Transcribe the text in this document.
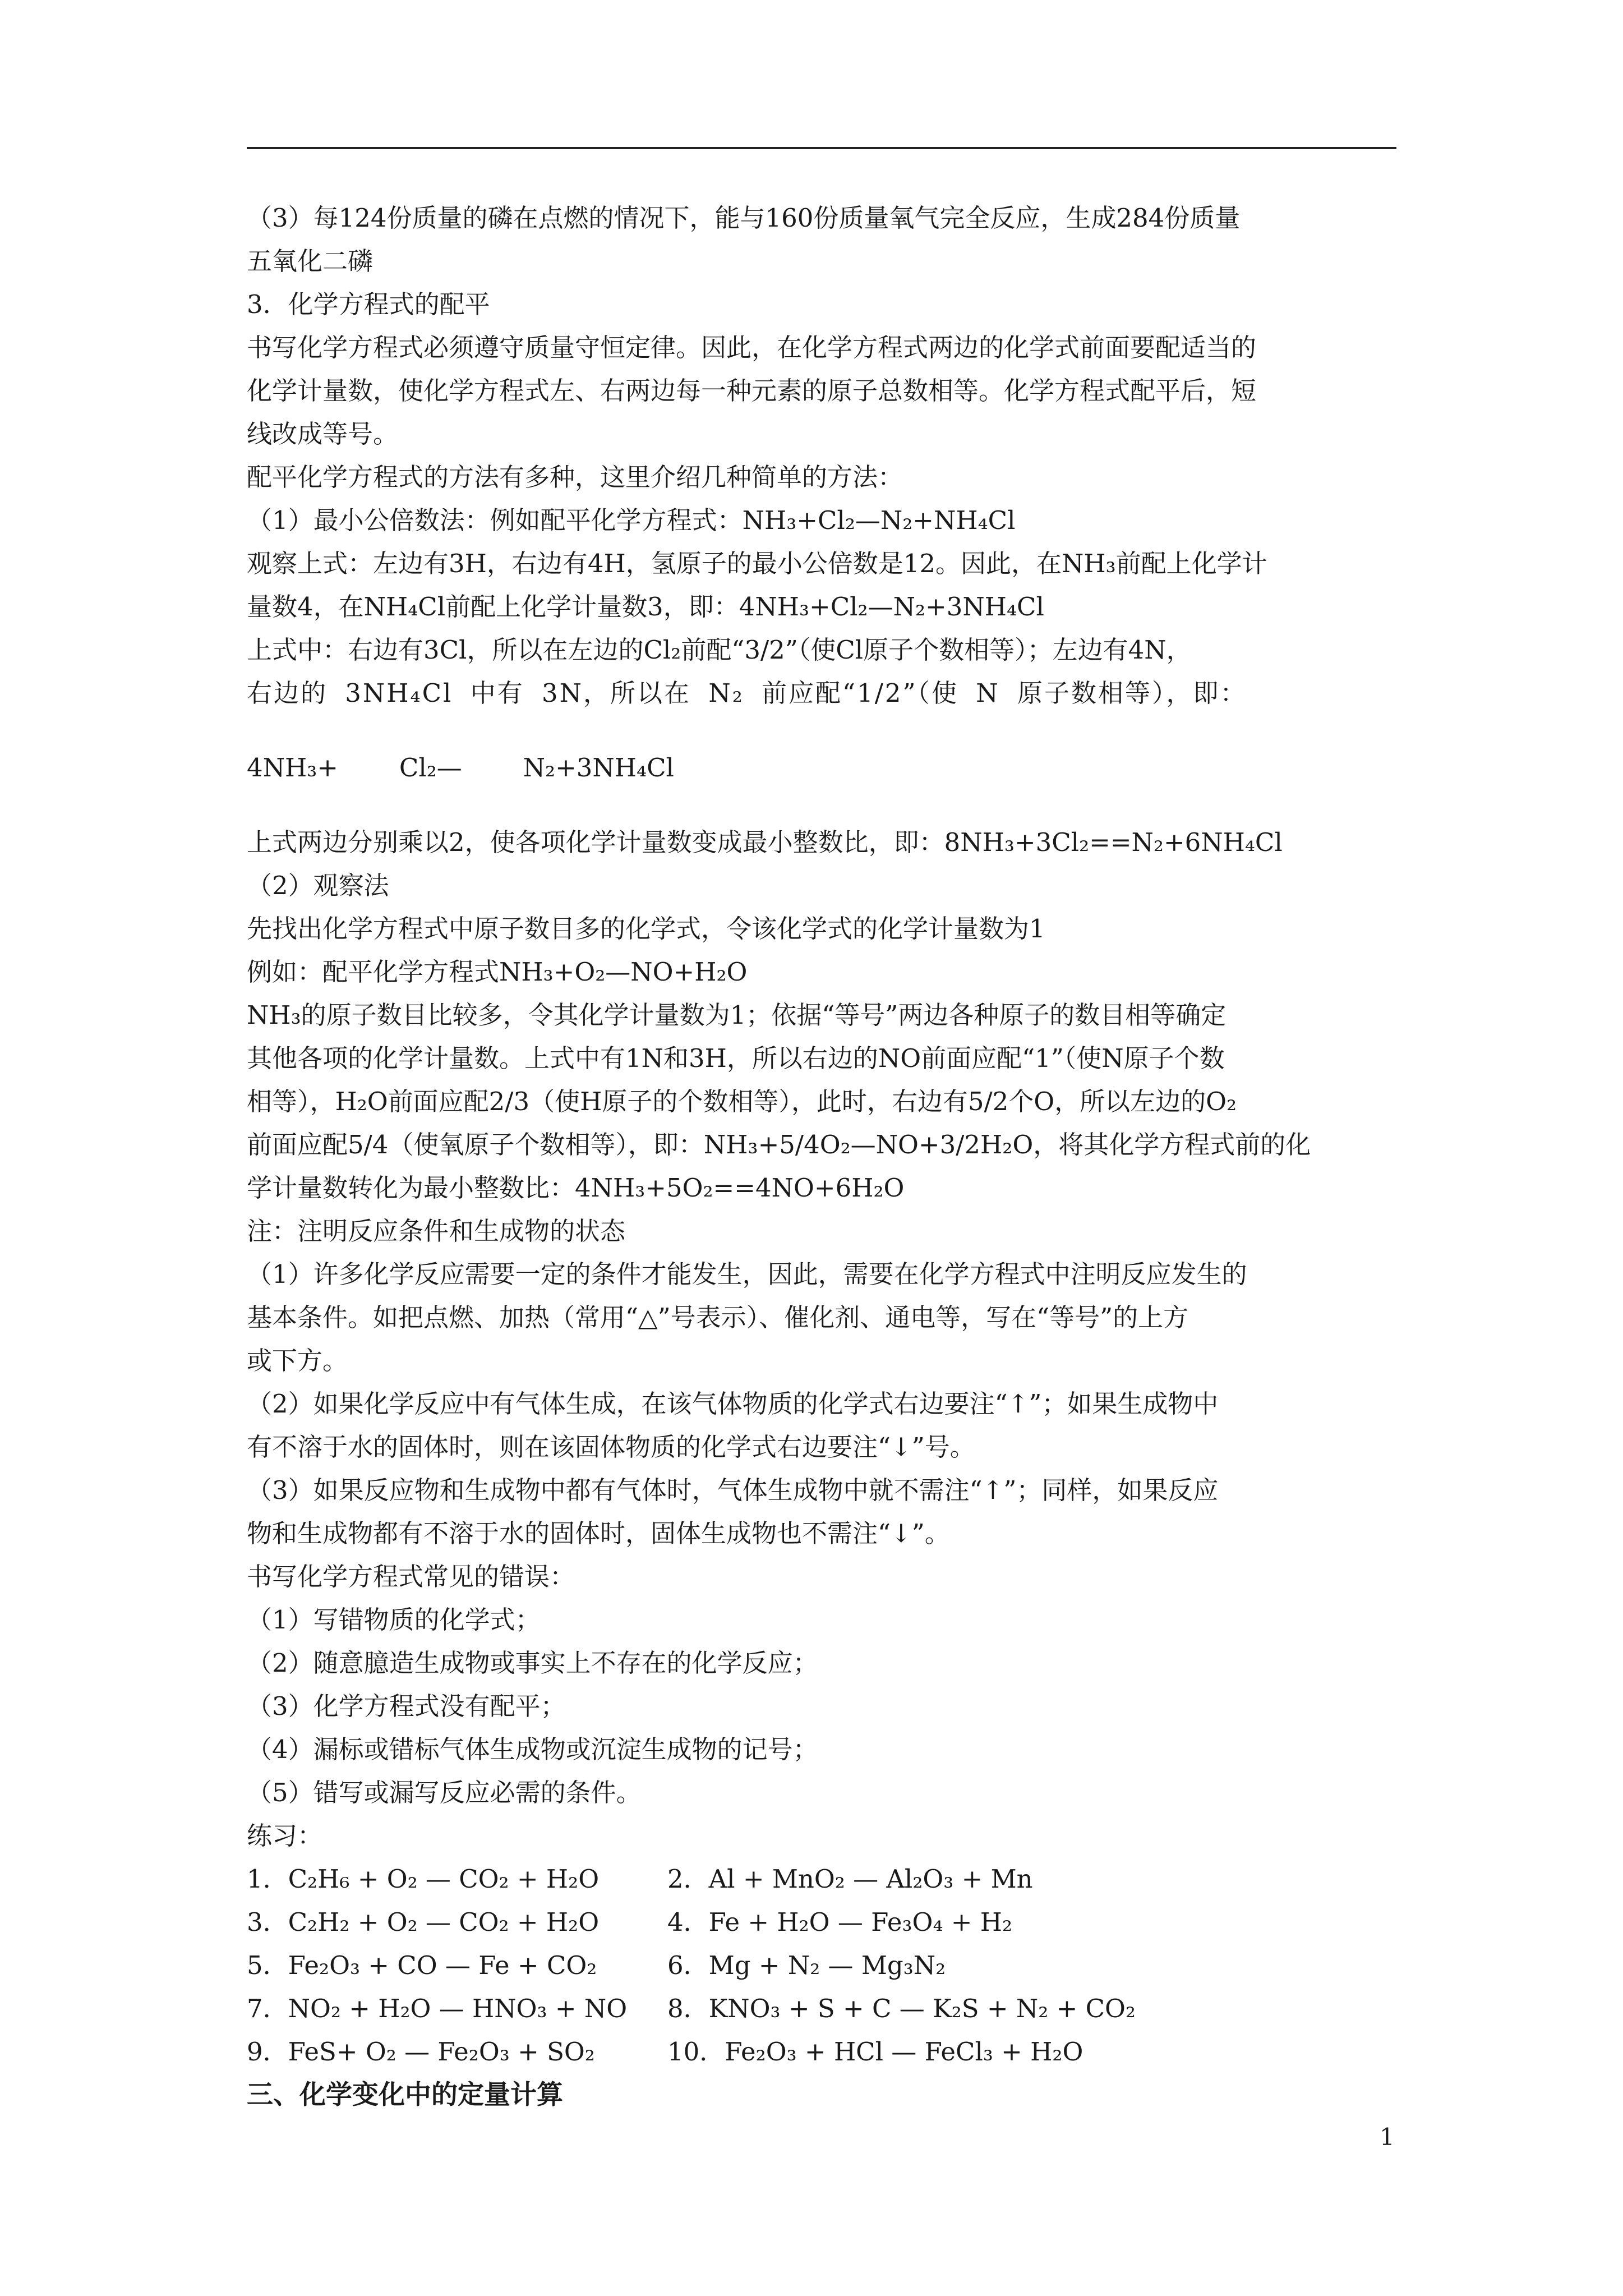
（3）每124份质量的磷在点燃的情况下，能与160份质量氧气完全反应，生成284份质量

五氧化二磷

3．化学方程式的配平

书写化学方程式必须遵守质量守恒定律。因此，在化学方程式两边的化学式前面要配适当的

化学计量数，使化学方程式左、右两边每一种元素的原子总数相等。化学方程式配平后，短

线改成等号。

配平化学方程式的方法有多种，这里介绍几种简单的方法：

（1）最小公倍数法：例如配平化学方程式：NH₃+Cl₂—N₂+NH₄Cl

观察上式：左边有3H，右边有4H，氢原子的最小公倍数是12。因此，在NH₃前配上化学计

量数4，在NH₄Cl前配上化学计量数3，即：4NH₃+Cl₂—N₂+3NH₄Cl

上式中：右边有3Cl，所以在左边的Cl₂前配“3/2”（使Cl原子个数相等）；左边有4N，

右边的 3NH₄Cl 中有 3N，所以在 N₂ 前应配“1/2”（使 N 原子数相等），即：

4NH₃+   Cl₂—   N₂+3NH₄Cl

上式两边分别乘以2，使各项化学计量数变成最小整数比，即：8NH₃+3Cl₂==N₂+6NH₄Cl

（2）观察法

先找出化学方程式中原子数目多的化学式，令该化学式的化学计量数为1

例如：配平化学方程式NH₃+O₂—NO+H₂O

NH₃的原子数目比较多，令其化学计量数为1；依据“等号”两边各种原子的数目相等确定

其他各项的化学计量数。上式中有1N和3H，所以右边的NO前面应配“1”（使N原子个数

相等），H₂O前面应配2/3（使H原子的个数相等），此时，右边有5/2个O，所以左边的O₂

前面应配5/4（使氧原子个数相等），即：NH₃+5/4O₂—NO+3/2H₂O，将其化学方程式前的化

学计量数转化为最小整数比：4NH₃+5O₂==4NO+6H₂O

注：注明反应条件和生成物的状态

（1）许多化学反应需要一定的条件才能发生，因此，需要在化学方程式中注明反应发生的

基本条件。如把点燃、加热（常用“△”号表示）、催化剂、通电等，写在“等号”的上方

或下方。

（2）如果化学反应中有气体生成，在该气体物质的化学式右边要注“↑”；如果生成物中

有不溶于水的固体时，则在该固体物质的化学式右边要注“↓”号。

（3）如果反应物和生成物中都有气体时，气体生成物中就不需注“↑”；同样，如果反应

物和生成物都有不溶于水的固体时，固体生成物也不需注“↓”。

书写化学方程式常见的错误：

（1）写错物质的化学式；

（2）随意臆造生成物或事实上不存在的化学反应；

（3）化学方程式没有配平；

（4）漏标或错标气体生成物或沉淀生成物的记号；

（5）错写或漏写反应必需的条件。

练习：

1．C₂H₆ + O₂ — CO₂ + H₂O	2．Al + MnO₂ — Al₂O₃ + Mn
3．C₂H₂ + O₂ — CO₂ + H₂O	4．Fe + H₂O — Fe₃O₄ + H₂
5．Fe₂O₃ + CO — Fe + CO₂	6．Mg + N₂ — Mg₃N₂
7．NO₂ + H₂O — HNO₃ + NO	8．KNO₃ + S + C — K₂S + N₂ + CO₂
9．FeS+ O₂ — Fe₂O₃ + SO₂	10．Fe₂O₃ + HCl — FeCl₃ + H₂O

三、化学变化中的定量计算

1
